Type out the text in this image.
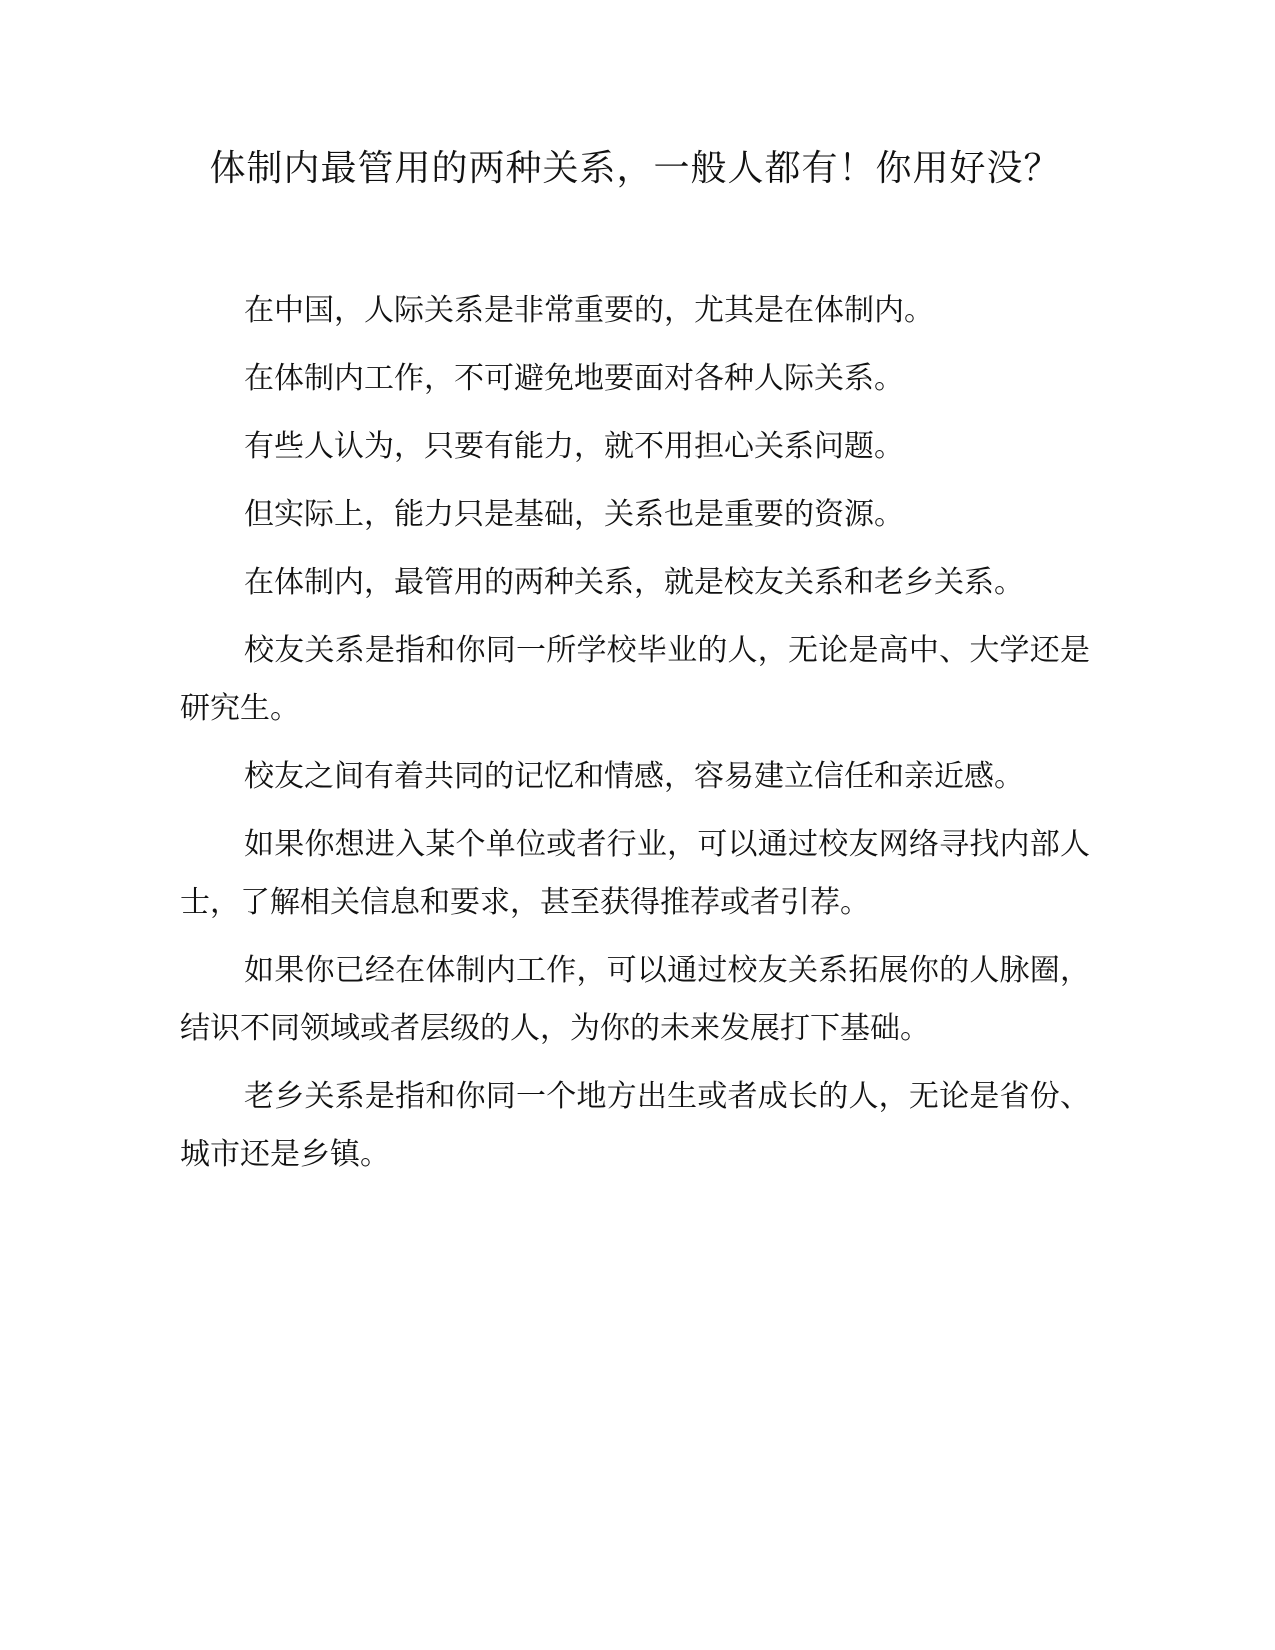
体制内最管用的两种关系，一般人都有！你用好没？

在中国，人际关系是非常重要的，尤其是在体制内。

在体制内工作，不可避免地要面对各种人际关系。

有些人认为，只要有能力，就不用担心关系问题。

但实际上，能力只是基础，关系也是重要的资源。

在体制内，最管用的两种关系，就是校友关系和老乡关系。

校友关系是指和你同一所学校毕业的人，无论是高中、大学还是研究生。

校友之间有着共同的记忆和情感，容易建立信任和亲近感。

如果你想进入某个单位或者行业，可以通过校友网络寻找内部人士，了解相关信息和要求，甚至获得推荐或者引荐。

如果你已经在体制内工作，可以通过校友关系拓展你的人脉圈，结识不同领域或者层级的人，为你的未来发展打下基础。

老乡关系是指和你同一个地方出生或者成长的人，无论是省份、城市还是乡镇。
